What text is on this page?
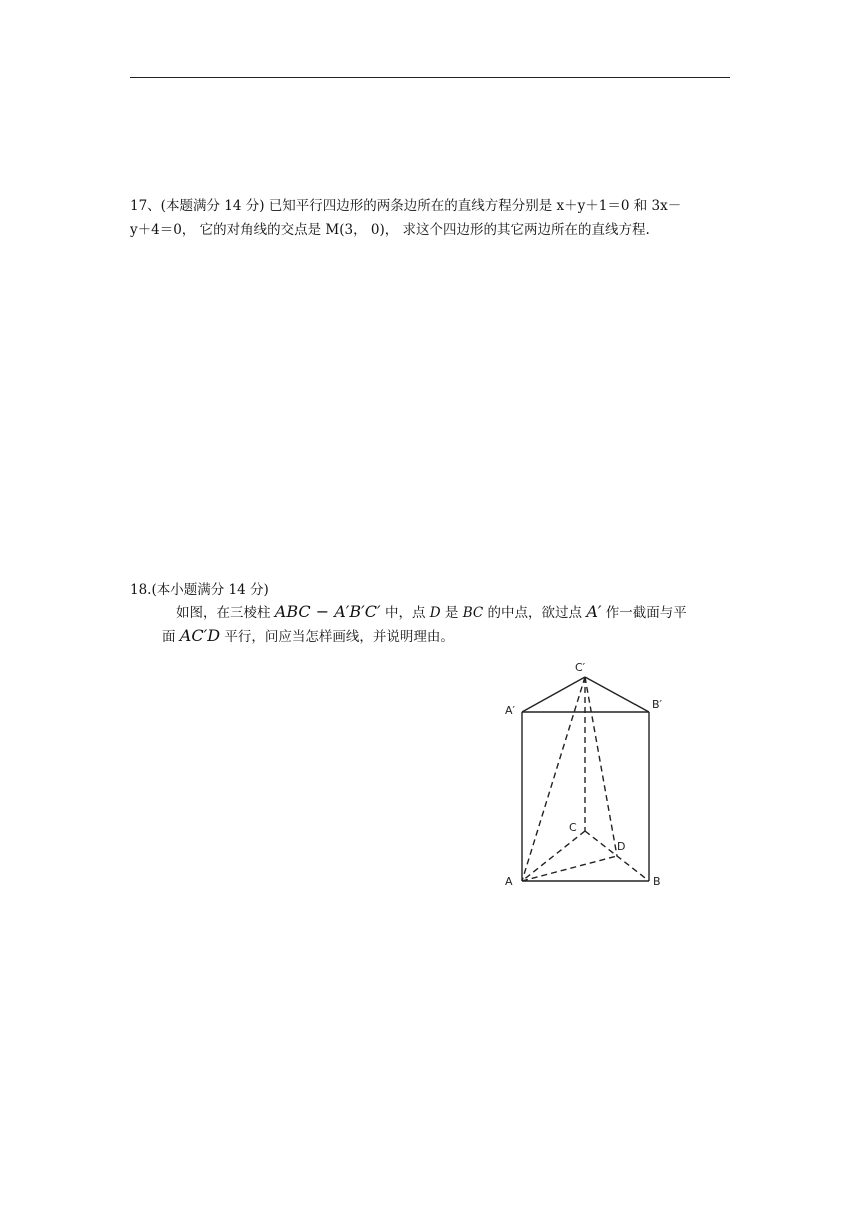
17、(本题满分 14 分) 已知平行四边形的两条边所在的直线方程分别是 x＋y＋1＝0 和 3x－
y＋4＝0， 它的对角线的交点是 M(3， 0)， 求这个四边形的其它两边所在的直线方程.
18.(本小题满分 14 分)
如图，在三棱柱 ABC − A′B′C′ 中，点 D 是 BC 的中点，欲过点 A′ 作一截面与平
面 AC′D 平行，问应当怎样画线，并说明理由。
C′
A′	B′
C
D
A	B
